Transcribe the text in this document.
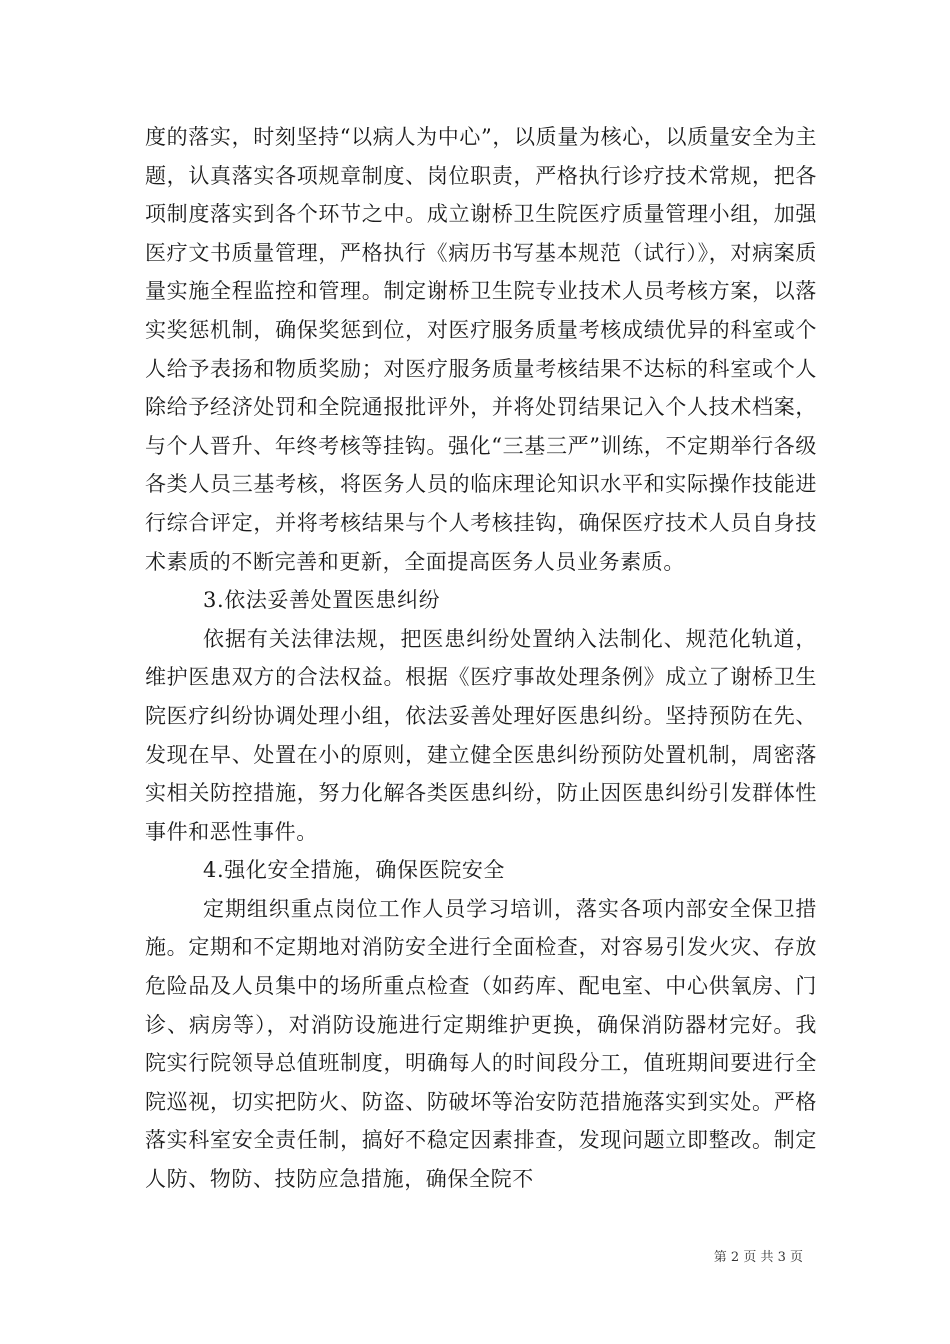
度的落实，时刻坚持“以病人为中心”，以质量为核心，以质量安全为主题，认真落实各项规章制度、岗位职责，严格执行诊疗技术常规，把各项制度落实到各个环节之中。成立谢桥卫生院医疗质量管理小组，加强医疗文书质量管理，严格执行《病历书写基本规范（试行）》，对病案质量实施全程监控和管理。制定谢桥卫生院专业技术人员考核方案，以落实奖惩机制，确保奖惩到位，对医疗服务质量考核成绩优异的科室或个人给予表扬和物质奖励；对医疗服务质量考核结果不达标的科室或个人除给予经济处罚和全院通报批评外，并将处罚结果记入个人技术档案，与个人晋升、年终考核等挂钩。强化“三基三严”训练，不定期举行各级各类人员三基考核，将医务人员的临床理论知识水平和实际操作技能进行综合评定，并将考核结果与个人考核挂钩，确保医疗技术人员自身技术素质的不断完善和更新，全面提高医务人员业务素质。

3.依法妥善处置医患纠纷

依据有关法律法规，把医患纠纷处置纳入法制化、规范化轨道，维护医患双方的合法权益。根据《医疗事故处理条例》成立了谢桥卫生院医疗纠纷协调处理小组，依法妥善处理好医患纠纷。坚持预防在先、发现在早、处置在小的原则，建立健全医患纠纷预防处置机制，周密落实相关防控措施，努力化解各类医患纠纷，防止因医患纠纷引发群体性事件和恶性事件。

4.强化安全措施，确保医院安全

定期组织重点岗位工作人员学习培训，落实各项内部安全保卫措施。定期和不定期地对消防安全进行全面检查，对容易引发火灾、存放危险品及人员集中的场所重点检查（如药库、配电室、中心供氧房、门诊、病房等），对消防设施进行定期维护更换，确保消防器材完好。我院实行院领导总值班制度，明确每人的时间段分工，值班期间要进行全院巡视，切实把防火、防盗、防破坏等治安防范措施落实到实处。严格落实科室安全责任制，搞好不稳定因素排查，发现问题立即整改。制定人防、物防、技防应急措施，确保全院不

第 2 页 共 3 页
